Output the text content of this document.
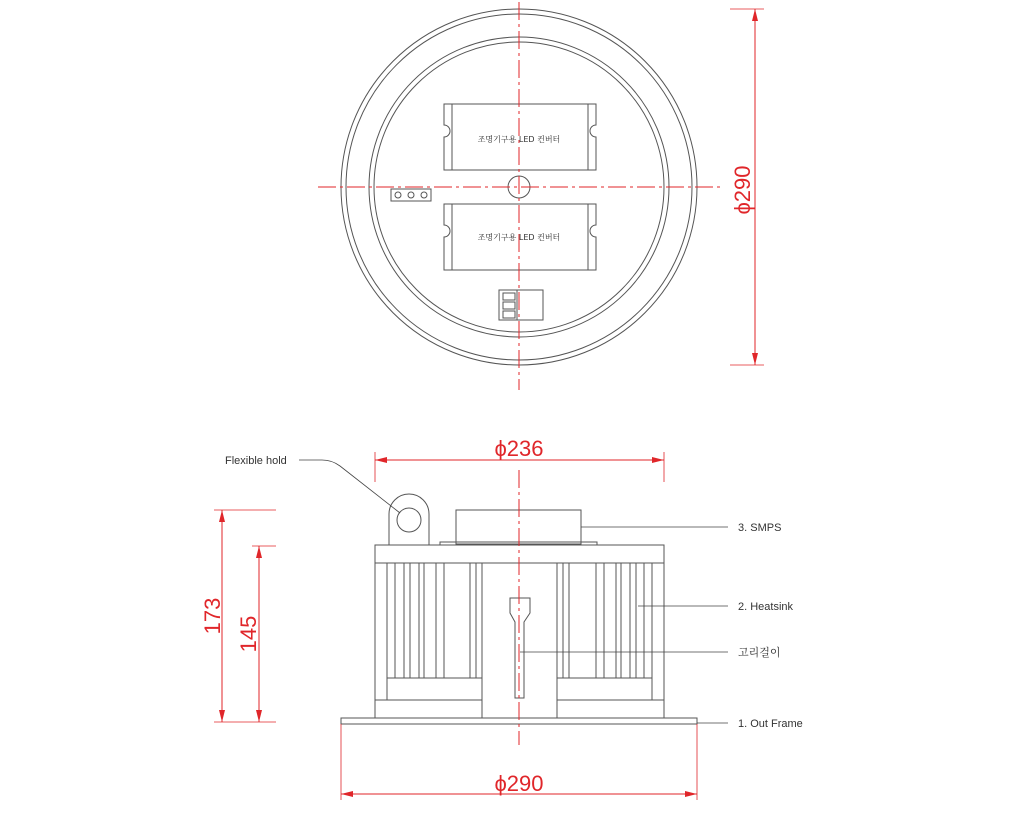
조명기구용 LED 컨버터
조명기구용 LED 컨버터
ϕ290
ϕ236
173 145
ϕ290
Flexible hold
3. SMPS
2. Heatsink
고리걸이
1. Out Frame
